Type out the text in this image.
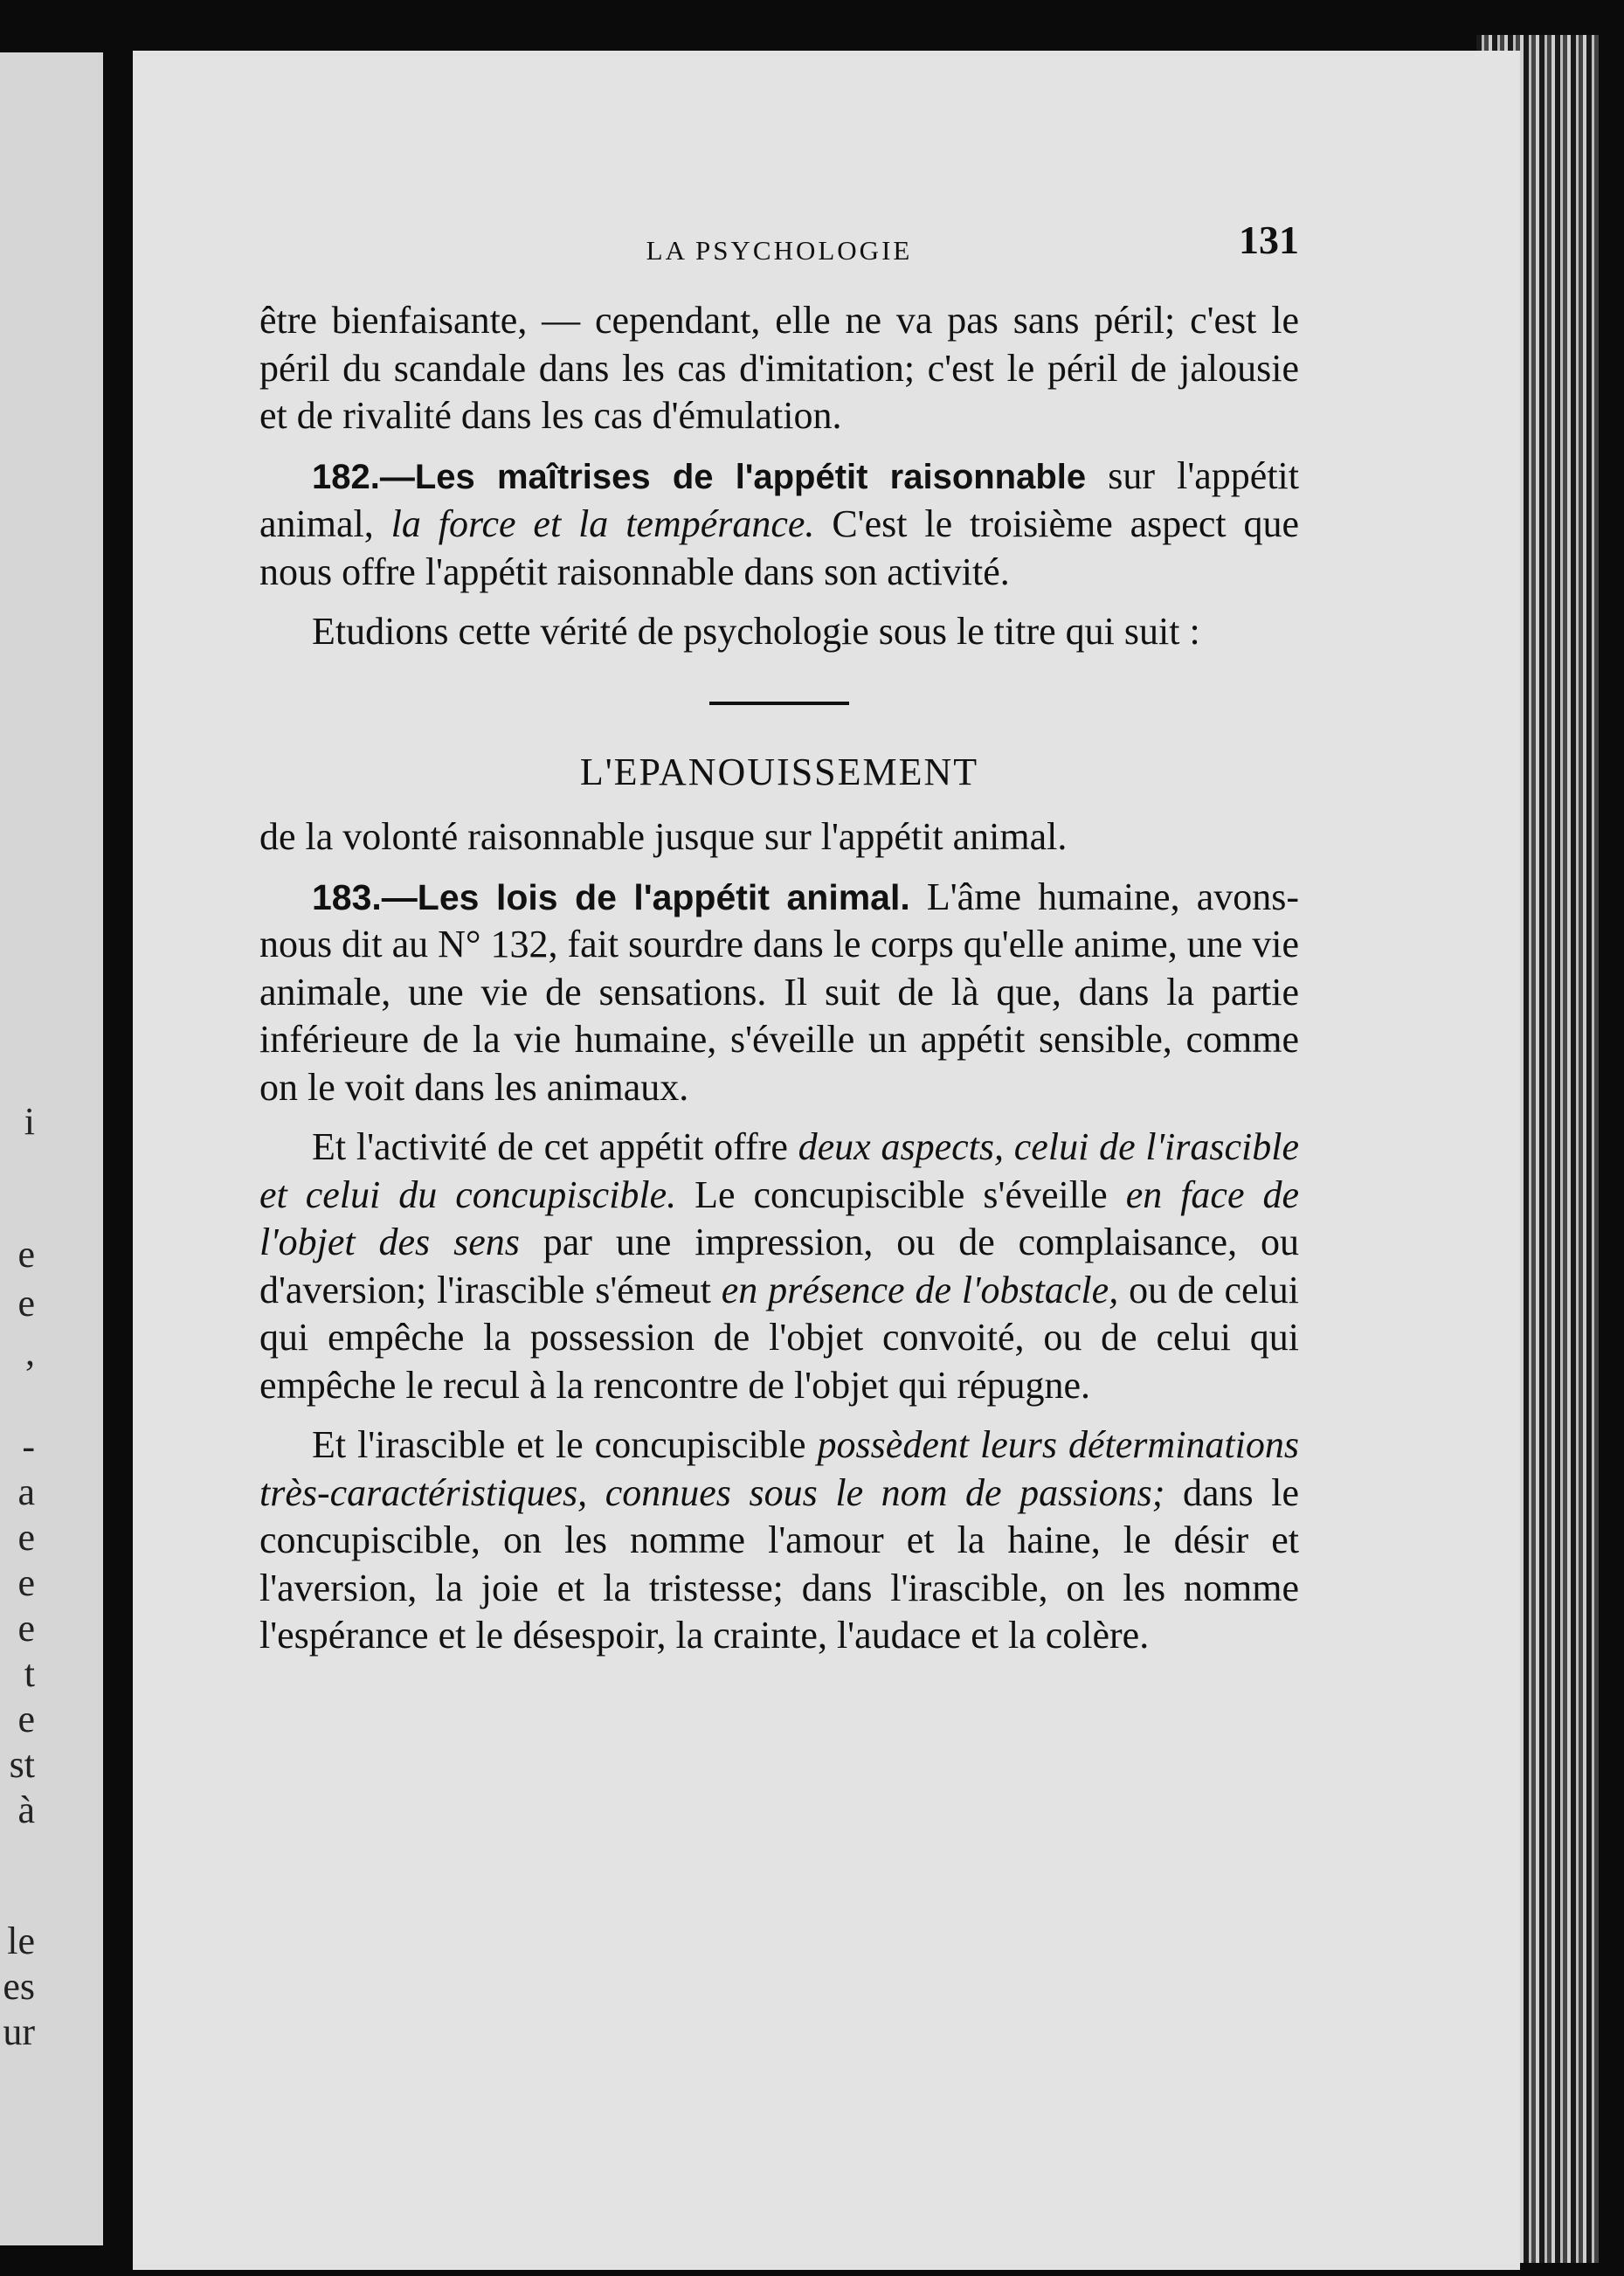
i
e
e
,
-
a
e
e
e
t
e
st
à
le
es
ur
LA PSYCHOLOGIE	131

être bienfaisante, — cependant, elle ne va pas sans péril; c'est le péril du scandale dans les cas d'imitation; c'est le péril de jalousie et de rivalité dans les cas d'émulation.

182.—Les maîtrises de l'appétit raisonnable sur l'appétit animal, la force et la tempérance. C'est le troisième aspect que nous offre l'appétit raisonnable dans son activité.

Etudions cette vérité de psychologie sous le titre qui suit :

L'EPANOUISSEMENT

de la volonté raisonnable jusque sur l'appétit animal.

183.—Les lois de l'appétit animal. L'âme humaine, avons-nous dit au N° 132, fait sourdre dans le corps qu'elle anime, une vie animale, une vie de sensations. Il suit de là que, dans la partie inférieure de la vie humaine, s'éveille un appétit sensible, comme on le voit dans les animaux.

Et l'activité de cet appétit offre deux aspects, celui de l'irascible et celui du concupiscible. Le concupiscible s'éveille en face de l'objet des sens par une impression, ou de complaisance, ou d'aversion; l'irascible s'émeut en présence de l'obstacle, ou de celui qui empêche la possession de l'objet convoité, ou de celui qui empêche le recul à la rencontre de l'objet qui répugne.

Et l'irascible et le concupiscible possèdent leurs déterminations très-caractéristiques, connues sous le nom de passions; dans le concupiscible, on les nomme l'amour et la haine, le désir et l'aversion, la joie et la tristesse; dans l'irascible, on les nomme l'espérance et le désespoir, la crainte, l'audace et la colère.
